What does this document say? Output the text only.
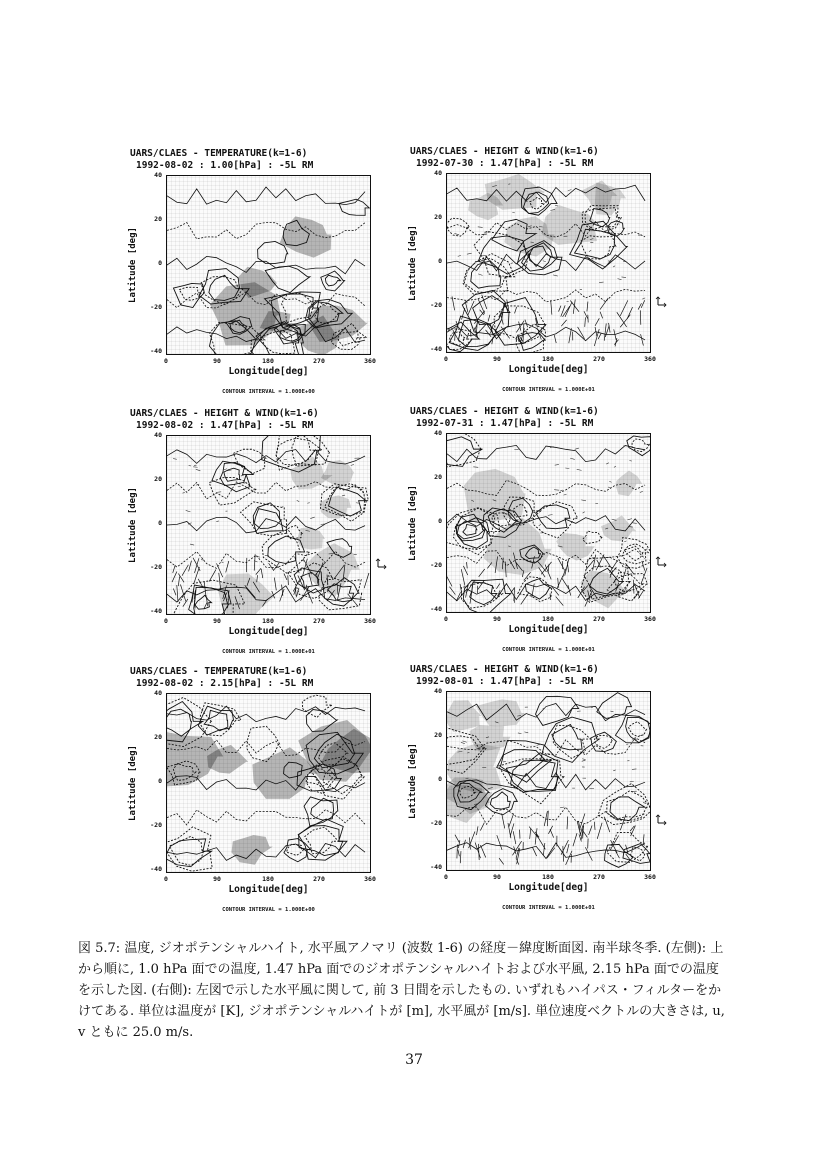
UARS/CLAES - TEMPERATURE(k=1-6)
1992-08-02 : 1.00[hPa] : -5L RM
Latitude [deg]
40
20
0
-20
-40
0	90	180	270	360
Longitude[deg]
CONTOUR INTERVAL = 1.000E+00
UARS/CLAES - HEIGHT & WIND(k=1-6)
1992-07-30 : 1.47[hPa] : -5L RM
Latitude [deg]
40
20
0
-20
-40
0	90	180	270	360
Longitude[deg]
CONTOUR INTERVAL = 1.000E+01
UARS/CLAES - HEIGHT & WIND(k=1-6)
1992-08-02 : 1.47[hPa] : -5L RM
Latitude [deg]
40
20
0
-20
-40
0	90	180	270	360
Longitude[deg]
CONTOUR INTERVAL = 1.000E+01
UARS/CLAES - HEIGHT & WIND(k=1-6)
1992-07-31 : 1.47[hPa] : -5L RM
Latitude [deg]
40
20
0
-20
-40
0	90	180	270	360
Longitude[deg]
CONTOUR INTERVAL = 1.000E+01
UARS/CLAES - TEMPERATURE(k=1-6)
1992-08-02 : 2.15[hPa] : -5L RM
Latitude [deg]
40
20
0
-20
-40
0	90	180	270	360
Longitude[deg]
CONTOUR INTERVAL = 1.000E+00
UARS/CLAES - HEIGHT & WIND(k=1-6)
1992-08-01 : 1.47[hPa] : -5L RM
Latitude [deg]
40
20
0
-20
-40
0	90	180	270	360
Longitude[deg]
CONTOUR INTERVAL = 1.000E+01
図 5.7: 温度, ジオポテンシャルハイト, 水平風アノマリ (波数 1-6) の経度－緯度断面図. 南半球冬季. (左側): 上から順に, 1.0 hPa 面での温度, 1.47 hPa 面でのジオポテンシャルハイトおよび水平風, 2.15 hPa 面での温度を示した図. (右側): 左図で示した水平風に関して, 前 3 日間を示したもの. いずれもハイパス・フィルターをかけてある. 単位は温度が [K], ジオポテンシャルハイトが [m], 水平風が [m/s]. 単位速度ベクトルの大きさは, u, v ともに 25.0 m/s.
37
